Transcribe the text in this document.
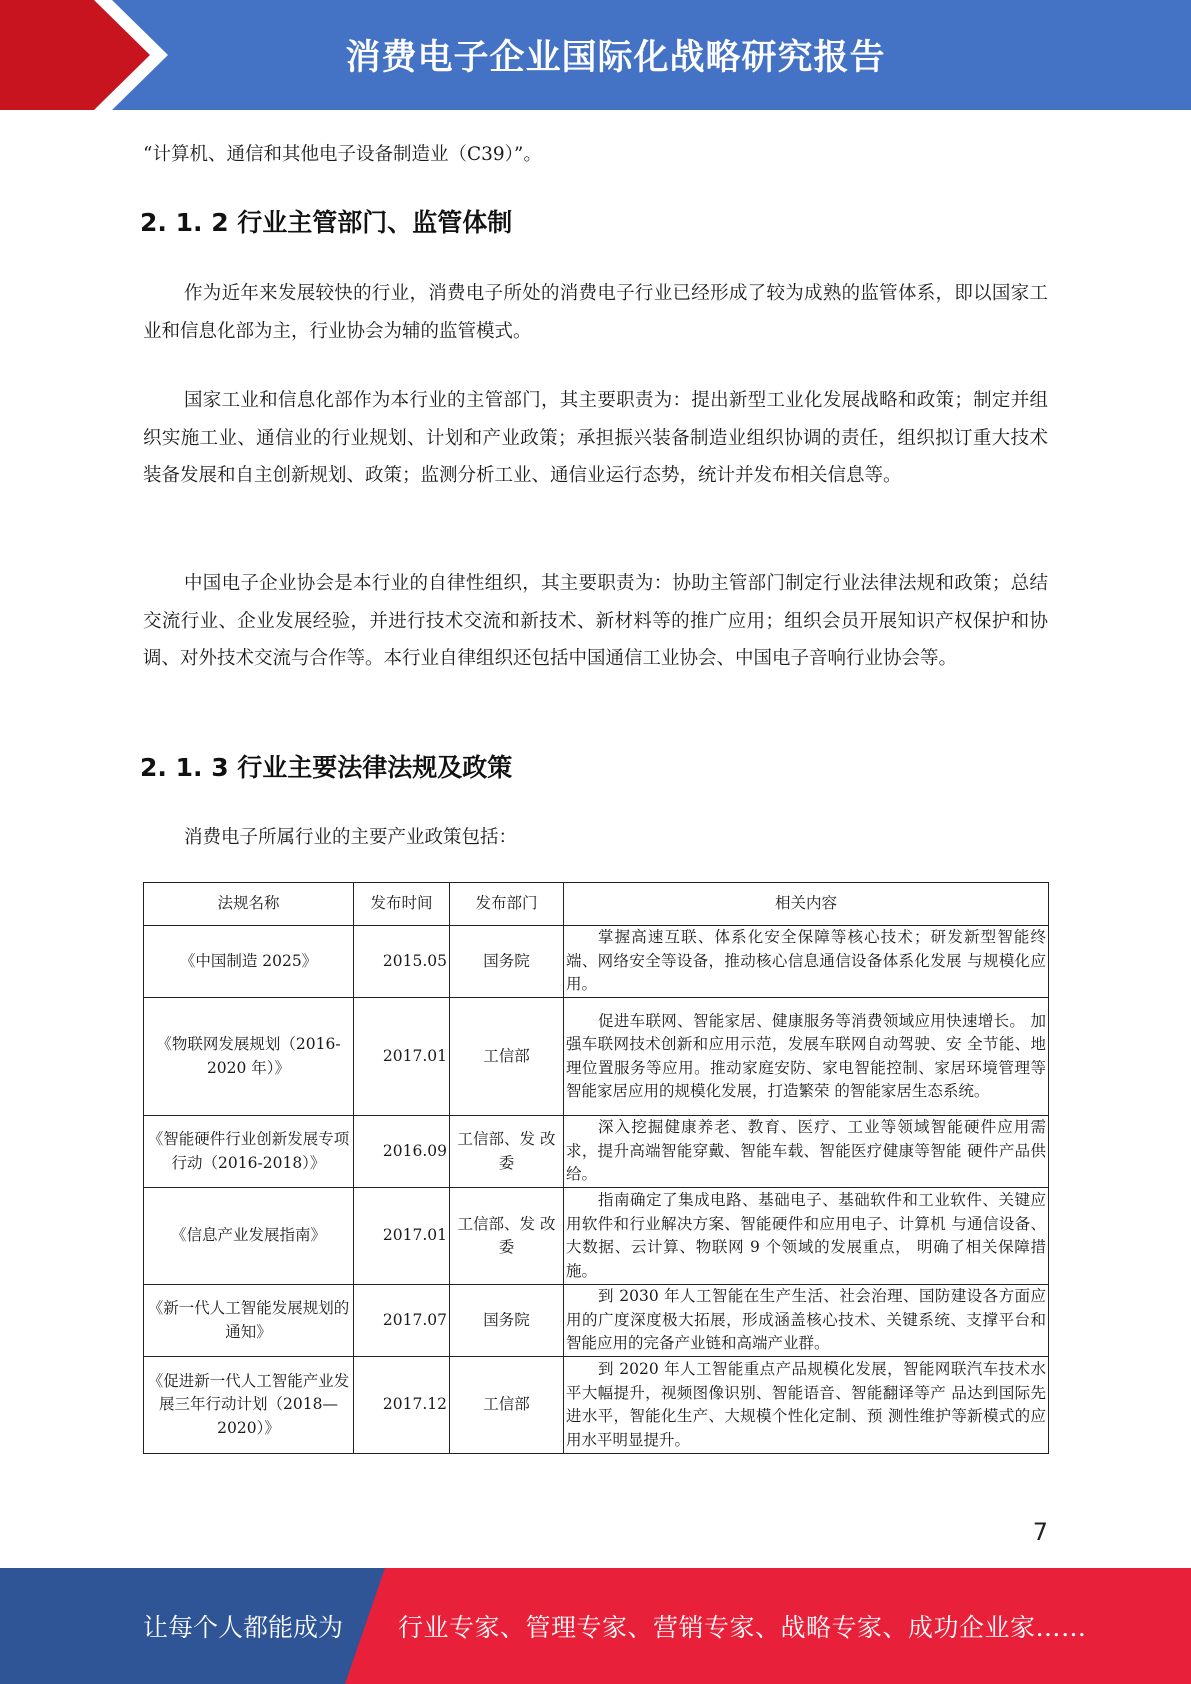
消费电子企业国际化战略研究报告
“计算机、通信和其他电子设备制造业（C39）”。
2. 1. 2 行业主管部门、监管体制
作为近年来发展较快的行业，消费电子所处的消费电子行业已经形成了较为成熟的监管体系，即以国家工业和信息化部为主，行业协会为辅的监管模式。
国家工业和信息化部作为本行业的主管部门，其主要职责为：提出新型工业化发展战略和政策；制定并组织实施工业、通信业的行业规划、计划和产业政策；承担振兴装备制造业组织协调的责任，组织拟订重大技术装备发展和自主创新规划、政策；监测分析工业、通信业运行态势，统计并发布相关信息等。
中国电子企业协会是本行业的自律性组织，其主要职责为：协助主管部门制定行业法律法规和政策；总结交流行业、企业发展经验，并进行技术交流和新技术、新材料等的推广应用；组织会员开展知识产权保护和协调、对外技术交流与合作等。本行业自律组织还包括中国通信工业协会、中国电子音响行业协会等。
2. 1. 3 行业主要法律法规及政策
消费电子所属行业的主要产业政策包括：
法规名称	发布时间	发布部门	相关内容
《中国制造 2025》	2015.05	国务院	掌握高速互联、体系化安全保障等核心技术；研发新型智能终端、网络安全等设备，推动核心信息通信设备体系化发展 与规模化应用。
《物联网发展规划（2016-2020 年）》	2017.01	工信部	促进车联网、智能家居、健康服务等消费领域应用快速增长。 加强车联网技术创新和应用示范，发展车联网自动驾驶、安 全节能、地理位置服务等应用。推动家庭安防、家电智能控制、家居环境管理等智能家居应用的规模化发展，打造繁荣 的智能家居生态系统。
《智能硬件行业创新发展专项行动（2016-2018）》	2016.09	工信部、发 改委	深入挖掘健康养老、教育、医疗、工业等领域智能硬件应用需求，提升高端智能穿戴、智能车载、智能医疗健康等智能 硬件产品供给。
《信息产业发展指南》	2017.01	工信部、发 改委	指南确定了集成电路、基础电子、基础软件和工业软件、关键应用软件和行业解决方案、智能硬件和应用电子、计算机 与通信设备、大数据、云计算、物联网 9 个领域的发展重点， 明确了相关保障措施。
《新一代人工智能发展规划的通知》	2017.07	国务院	到 2030 年人工智能在生产生活、社会治理、国防建设各方面应用的广度深度极大拓展，形成涵盖核心技术、关键系统、支撑平台和智能应用的完备产业链和高端产业群。
《促进新一代人工智能产业发展三年行动计划（2018—2020）》	2017.12	工信部	到 2020 年人工智能重点产品规模化发展，智能网联汽车技术水平大幅提升，视频图像识别、智能语音、智能翻译等产 品达到国际先进水平，智能化生产、大规模个性化定制、预 测性维护等新模式的应用水平明显提升。
7
让每个人都能成为 行业专家、管理专家、营销专家、战略专家、成功企业家……
